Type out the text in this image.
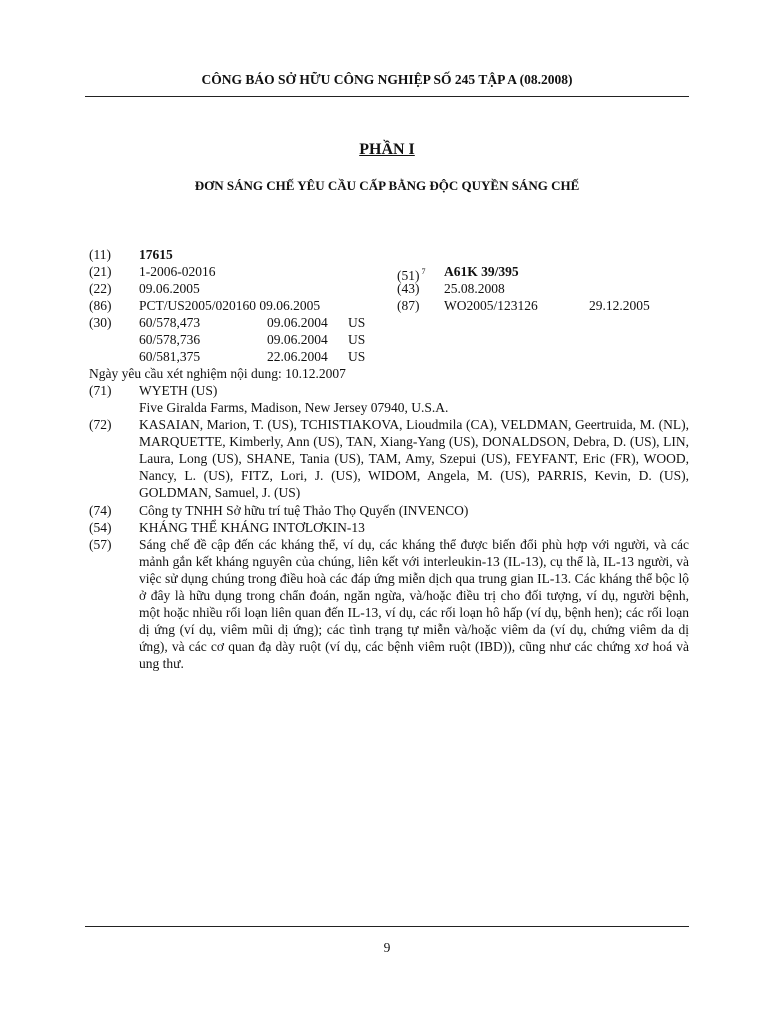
CÔNG BÁO SỞ HỮU CÔNG NGHIỆP SỐ 245 TẬP A (08.2008)
PHẦN I
ĐƠN SÁNG CHẾ YÊU CẦU CẤP BẰNG ĐỘC QUYỀN SÁNG CHẾ
(11) 17615
(21) 1-2006-02016	(51) $^7$ A61K 39/395
(22) 09.06.2005	(43) 25.08.2008
(86) PCT/US2005/020160 09.06.2005	(87) WO2005/123126	29.12.2005
(30) 60/578,473	09.06.2004 US
60/578,736	09.06.2004 US
60/581,375	22.06.2004 US
Ngày yêu cầu xét nghiệm nội dung: 10.12.2007
(71) WYETH (US)
Five Giralda Farms, Madison, New Jersey 07940, U.S.A.
(72) KASAIAN, Marion, T. (US), TCHISTIAKOVA, Lioudmila (CA), VELDMAN, Geertruida, M. (NL), MARQUETTE, Kimberly, Ann (US), TAN, Xiang-Yang (US), DONALDSON, Debra, D. (US), LIN, Laura, Long (US), SHANE, Tania (US), TAM, Amy, Szepui (US), FEYFANT, Eric (FR), WOOD, Nancy, L. (US), FITZ, Lori, J. (US), WIDOM, Angela, M. (US), PARRIS, Kevin, D. (US), GOLDMAN, Samuel, J. (US)
(74) Công ty TNHH Sở hữu trí tuệ Thảo Thọ Quyến (INVENCO)
(54) KHÁNG THỂ KHÁNG INTƠLƠKIN-13
(57) Sáng chế đề cập đến các kháng thể, ví dụ, các kháng thể được biến đổi phù hợp với người, và các mảnh gắn kết kháng nguyên của chúng, liên kết với interleukin-13 (IL-13), cụ thể là, IL-13 người, và việc sử dụng chúng trong điều hoà các đáp ứng miễn dịch qua trung gian IL-13. Các kháng thể bộc lộ ở đây là hữu dụng trong chẩn đoán, ngăn ngừa, và/hoặc điều trị cho đối tượng, ví dụ, người bệnh, một hoặc nhiều rối loạn liên quan đến IL-13, ví dụ, các rối loạn hô hấp (ví dụ, bệnh hen); các rối loạn dị ứng (ví dụ, viêm mũi dị ứng); các tình trạng tự miễn và/hoặc viêm da (ví dụ, chứng viêm da dị ứng), và các cơ quan đạ dày ruột (ví dụ, các bệnh viêm ruột (IBD)), cũng như các chứng xơ hoá và ung thư.
9
